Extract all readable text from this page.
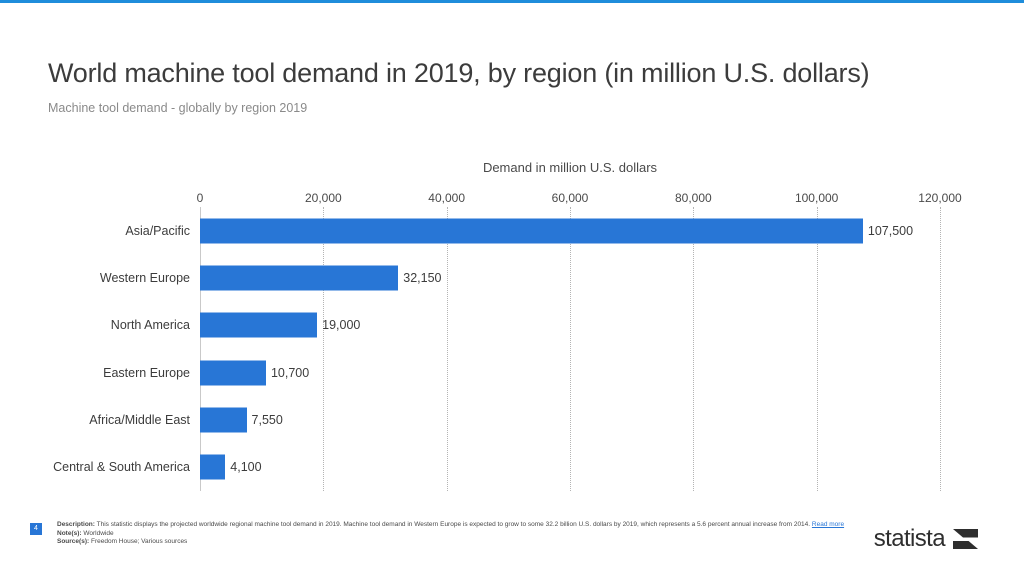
World machine tool demand in 2019, by region (in million U.S. dollars)
Machine tool demand - globally by region 2019
Demand in million U.S. dollars
0	20,000	40,000	60,000	80,000	100,000	120,000
Asia/Pacific	107,500
Western Europe	32,150
North America	19,000
Eastern Europe	10,700
Africa/Middle East	7,550
Central & South America	4,100
4
Description: This statistic displays the projected worldwide regional machine tool demand in 2019. Machine tool demand in Western Europe is expected to grow to some 32.2 billion U.S. dollars by 2019, which represents a 5.6 percent annual increase from 2014. Read more
Note(s): Worldwide
Source(s): Freedom House; Various sources	statista
